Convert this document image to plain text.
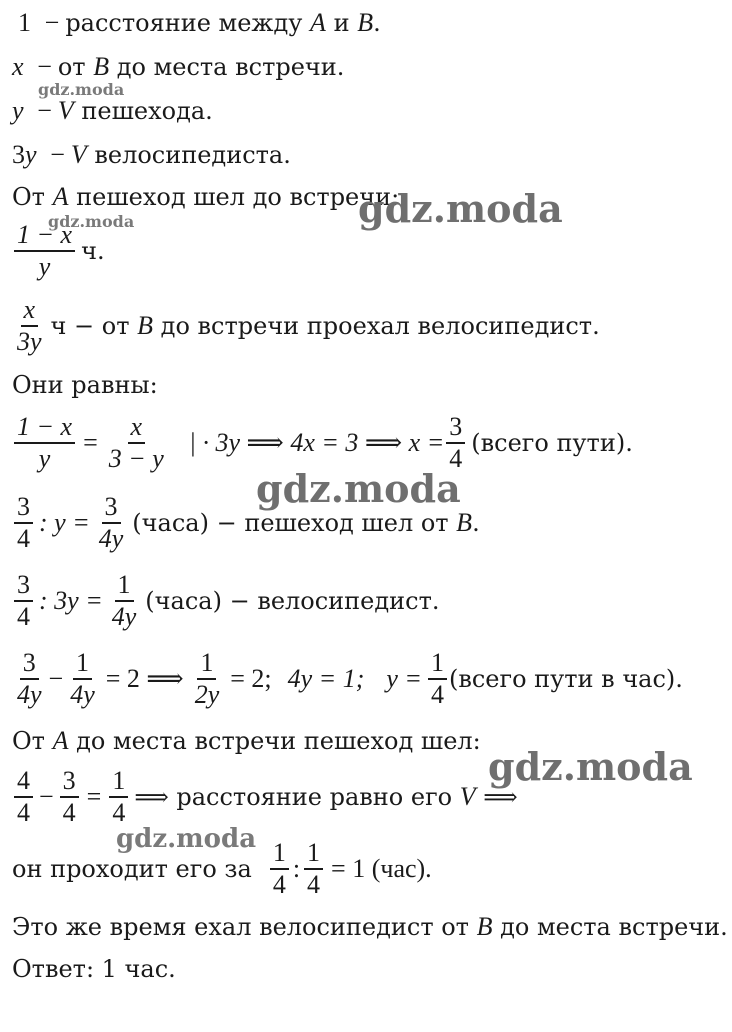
1 − расстояние между A и B.
x − от B до места встречи.
y − V пешехода.
3y − V велосипедиста.
От A пешеход шел до встречи:
$\frac{1 - x}{y} ч$.
$\frac{x}{3y}$ ч − от B до встречи проехал велосипедист.
Они равны:
$\frac{1 - x}{y} = \frac{x}{3 - y}$ | · 3y ⟹ 4x = 3 ⟹ $x = \frac{3}{4}$ (всего пути).
$\frac{3}{4}$ : $y = \frac{3}{4y}$ (часа) − пешеход шел от B.
$\frac{3}{4}$ : $3y = \frac{1}{4y}$ (часа) − велосипедист.
$\frac{3}{4y} - \frac{1}{4y} = 2$ ⟹ $\frac{1}{2y} = 2$; 4y = 1; $y = \frac{1}{4}$ (всего пути в час).
От A до места встречи пешеход шел:
$\frac{4}{4} - \frac{3}{4} = \frac{1}{4}$ ⟹ расстояние равно его V ⟹
он проходит его за $\frac{1}{4}$ : $\frac{1}{4} = 1$ (час).
Это же время ехал велосипедист от B до места встречи.
Ответ: 1 час.
gdz.moda
gdz.moda	gdz.moda
gdz.moda
gdz.moda
gdz.moda
